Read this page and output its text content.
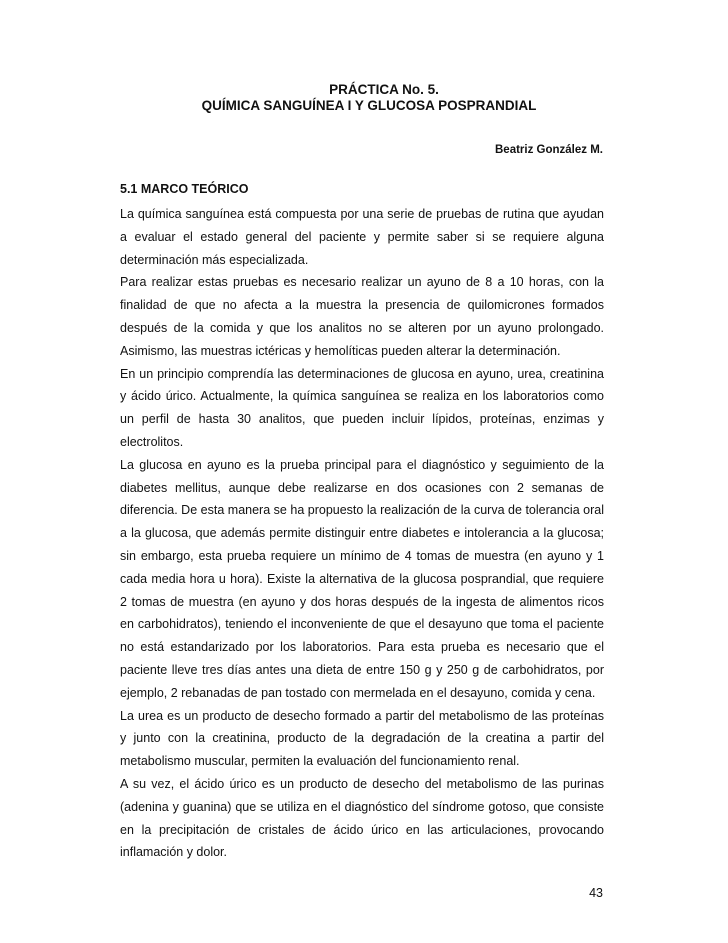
PRÁCTICA No. 5.
QUÍMICA SANGUÍNEA I Y GLUCOSA POSPRANDIAL
Beatriz González M.
5.1 MARCO TEÓRICO

La química sanguínea está compuesta por una serie de pruebas de rutina que ayudan a evaluar el estado general del paciente y permite saber si se requiere alguna determinación más especializada.

Para realizar estas pruebas es necesario realizar un ayuno de 8 a 10 horas, con la finalidad de que no afecta a la muestra la presencia de quilomicrones formados después de la comida y que los analitos no se alteren por un ayuno prolongado. Asimismo, las muestras ictéricas y hemolíticas pueden alterar la determinación.

En un principio comprendía las determinaciones de glucosa en ayuno, urea, creatinina y ácido úrico. Actualmente, la química sanguínea se realiza en los laboratorios como un perfil de hasta 30 analitos, que pueden incluir lípidos, proteínas, enzimas y electrolitos.

La glucosa en ayuno es la prueba principal para el diagnóstico y seguimiento de la diabetes mellitus, aunque debe realizarse en dos ocasiones con 2 semanas de diferencia. De esta manera se ha propuesto la realización de la curva de tolerancia oral a la glucosa, que además permite distinguir entre diabetes e intolerancia a la glucosa; sin embargo, esta prueba requiere un mínimo de 4 tomas de muestra (en ayuno y 1 cada media hora u hora). Existe la alternativa de la glucosa posprandial, que requiere 2 tomas de muestra (en ayuno y dos horas después de la ingesta de alimentos ricos en carbohidratos), teniendo el inconveniente de que el desayuno que toma el paciente no está estandarizado por los laboratorios. Para esta prueba es necesario que el paciente lleve tres días antes una dieta de entre 150 g y 250 g de carbohidratos, por ejemplo, 2 rebanadas de pan tostado con mermelada en el desayuno, comida y cena.

La urea es un producto de desecho formado a partir del metabolismo de las proteínas y junto con la creatinina, producto de la degradación de la creatina a partir del metabolismo muscular, permiten la evaluación del funcionamiento renal.

A su vez, el ácido úrico es un producto de desecho del metabolismo de las purinas (adenina y guanina) que se utiliza en el diagnóstico del síndrome gotoso, que consiste en la precipitación de cristales de ácido úrico en las articulaciones, provocando inflamación y dolor.

43
